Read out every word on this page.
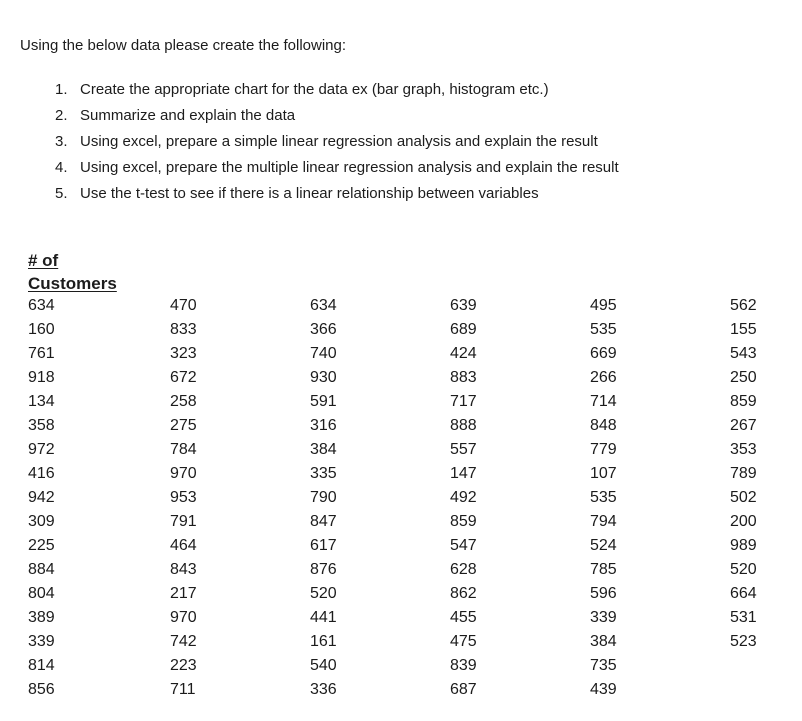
Using the below data please create the following:

1. Create the appropriate chart for the data ex (bar graph, histogram etc.)
2. Summarize and explain the data
3. Using excel, prepare a simple linear regression analysis and explain the result
4. Using excel, prepare the multiple linear regression analysis and explain the result
5. Use the t-test to see if there is a linear relationship between variables
# of
Customers
634	470	634	639	495	562
160	833	366	689	535	155
761	323	740	424	669	543
918	672	930	883	266	250
134	258	591	717	714	859
358	275	316	888	848	267
972	784	384	557	779	353
416	970	335	147	107	789
942	953	790	492	535	502
309	791	847	859	794	200
225	464	617	547	524	989
884	843	876	628	785	520
804	217	520	862	596	664
389	970	441	455	339	531
339	742	161	475	384	523
814	223	540	839	735
856	711	336	687	439
